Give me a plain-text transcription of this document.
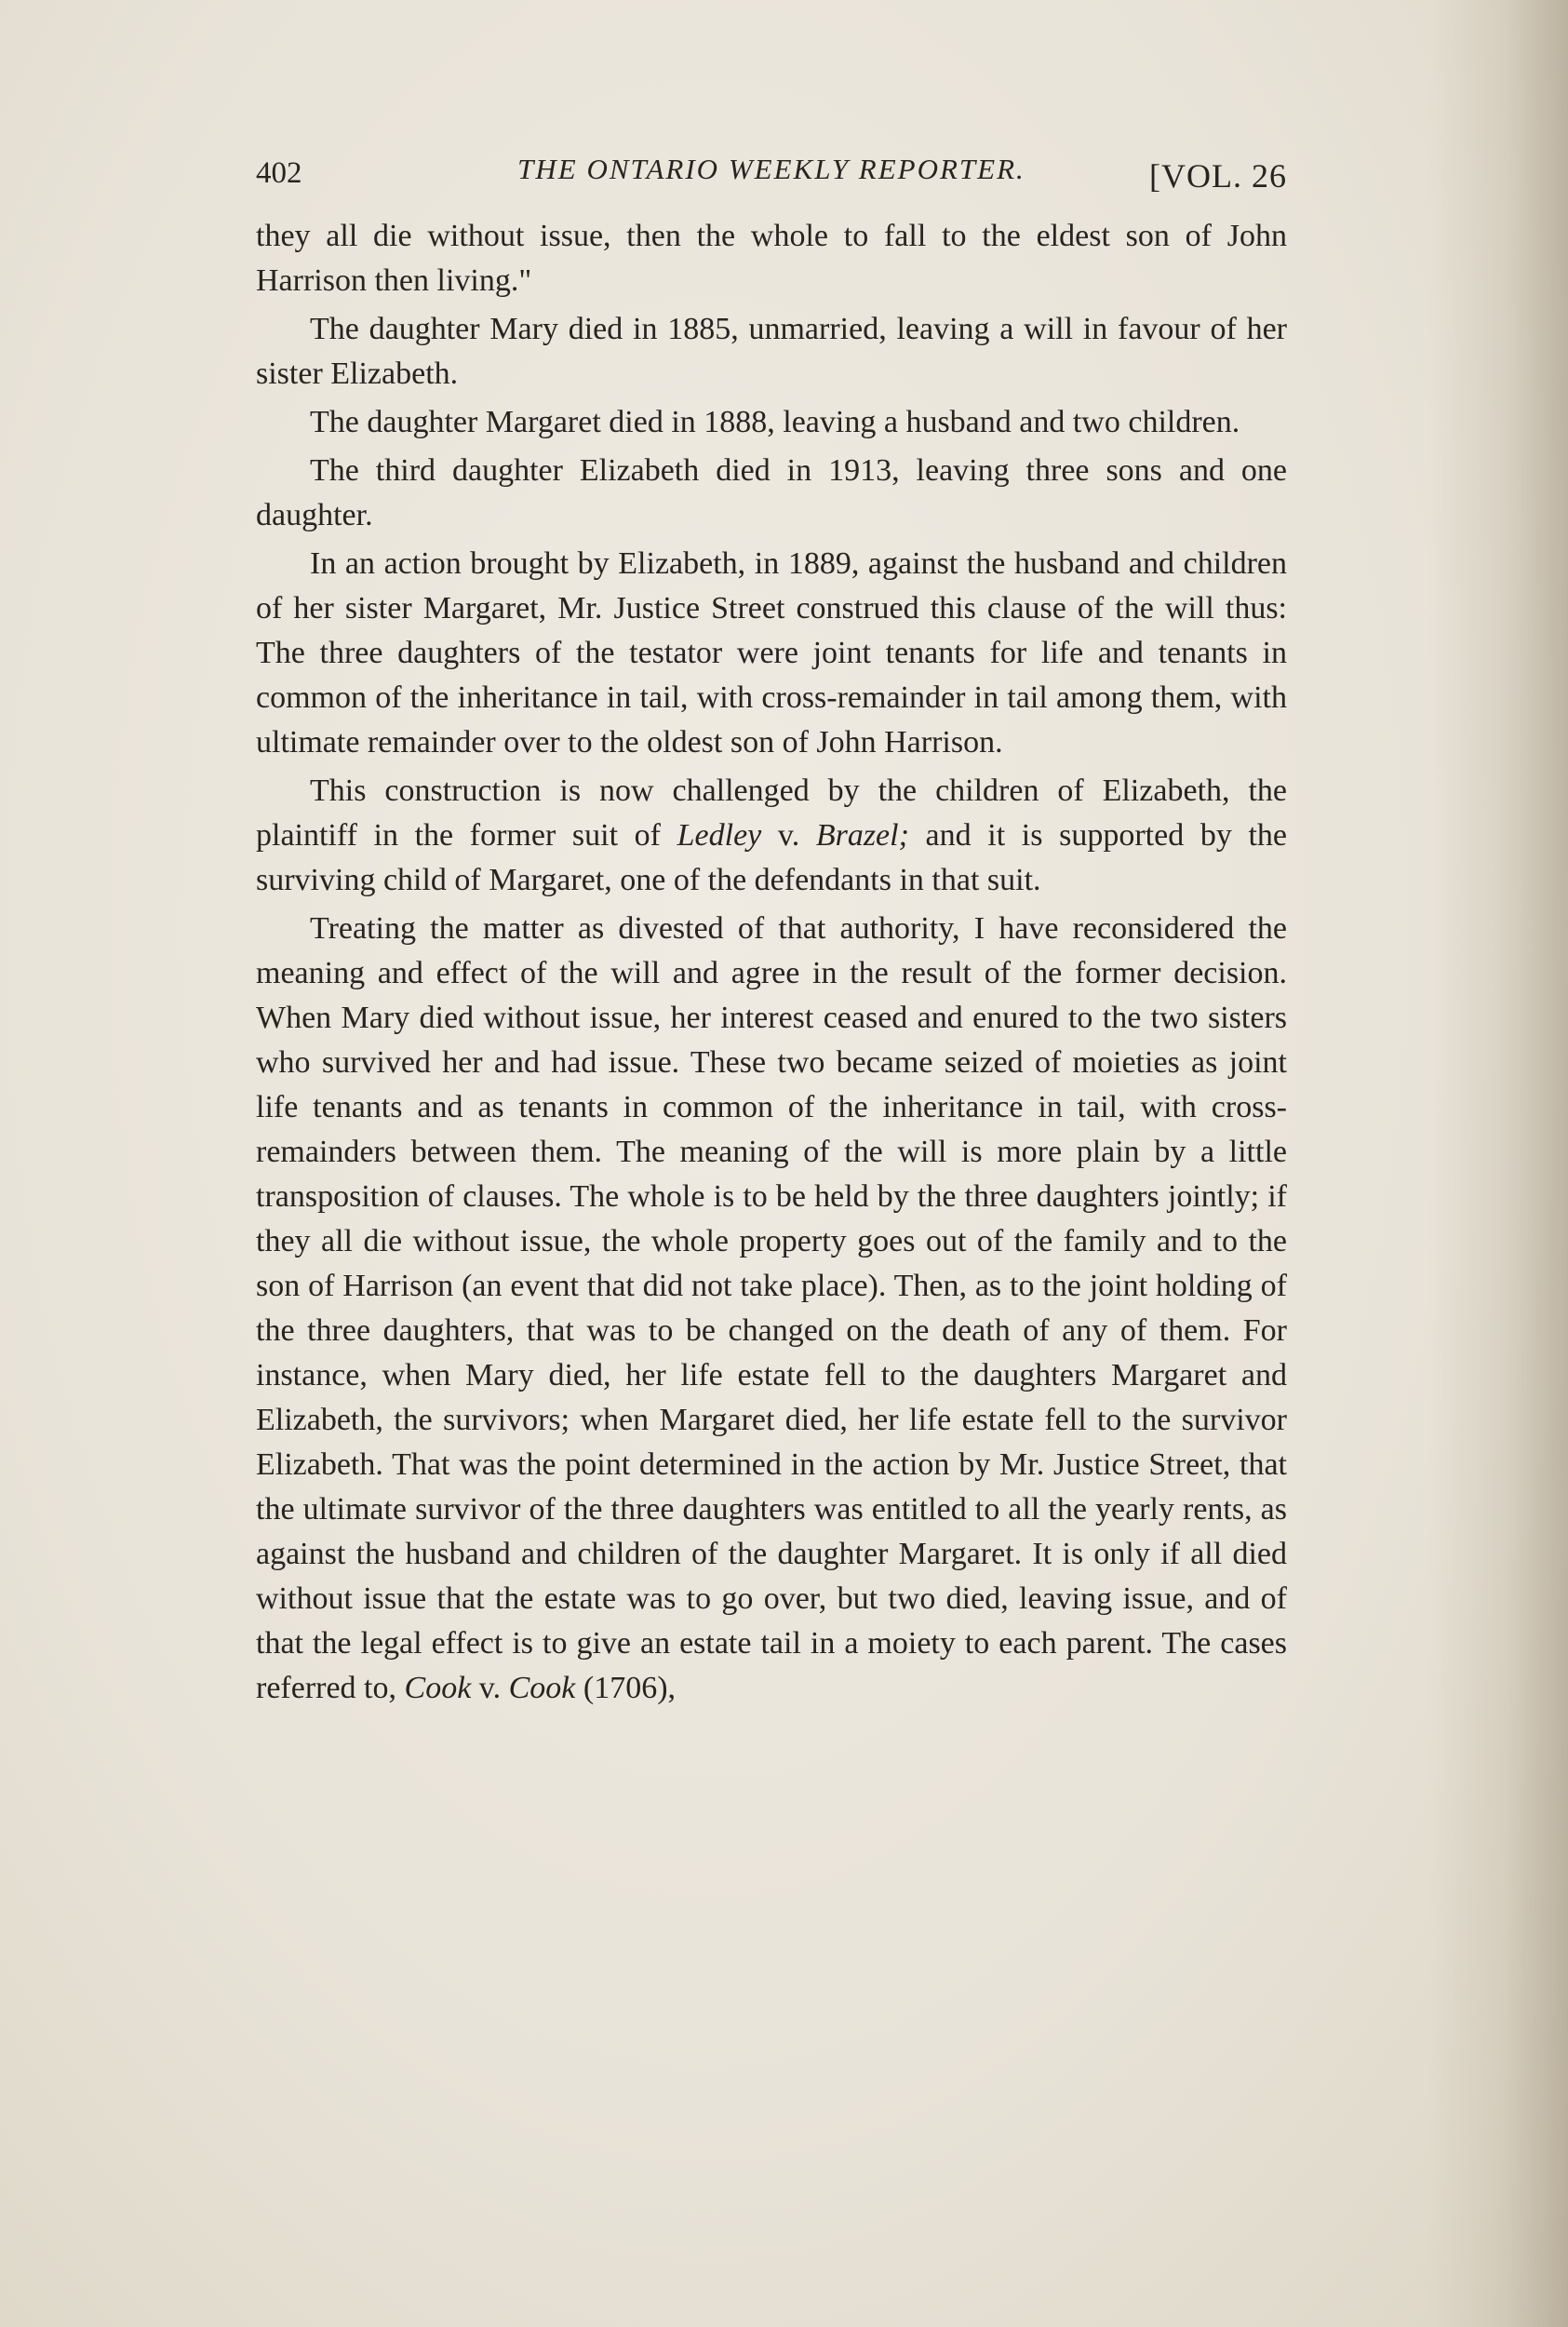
402	THE ONTARIO WEEKLY REPORTER.	[VOL. 26

they all die without issue, then the whole to fall to the eldest son of John Harrison then living."

The daughter Mary died in 1885, unmarried, leaving a will in favour of her sister Elizabeth.

The daughter Margaret died in 1888, leaving a husband and two children.

The third daughter Elizabeth died in 1913, leaving three sons and one daughter.

In an action brought by Elizabeth, in 1889, against the husband and children of her sister Margaret, Mr. Justice Street construed this clause of the will thus: The three daughters of the testator were joint tenants for life and tenants in common of the inheritance in tail, with cross-remainder in tail among them, with ultimate remainder over to the oldest son of John Harrison.

This construction is now challenged by the children of Elizabeth, the plaintiff in the former suit of Ledley v. Brazel; and it is supported by the surviving child of Margaret, one of the defendants in that suit.

Treating the matter as divested of that authority, I have reconsidered the meaning and effect of the will and agree in the result of the former decision. When Mary died without issue, her interest ceased and enured to the two sisters who survived her and had issue. These two became seized of moieties as joint life tenants and as tenants in common of the inheritance in tail, with cross-remainders between them. The meaning of the will is more plain by a little transposition of clauses. The whole is to be held by the three daughters jointly; if they all die without issue, the whole property goes out of the family and to the son of Harrison (an event that did not take place). Then, as to the joint holding of the three daughters, that was to be changed on the death of any of them. For instance, when Mary died, her life estate fell to the daughters Margaret and Elizabeth, the survivors; when Margaret died, her life estate fell to the survivor Elizabeth. That was the point determined in the action by Mr. Justice Street, that the ultimate survivor of the three daughters was entitled to all the yearly rents, as against the husband and children of the daughter Margaret. It is only if all died without issue that the estate was to go over, but two died, leaving issue, and of that the legal effect is to give an estate tail in a moiety to each parent. The cases referred to, Cook v. Cook (1706),
